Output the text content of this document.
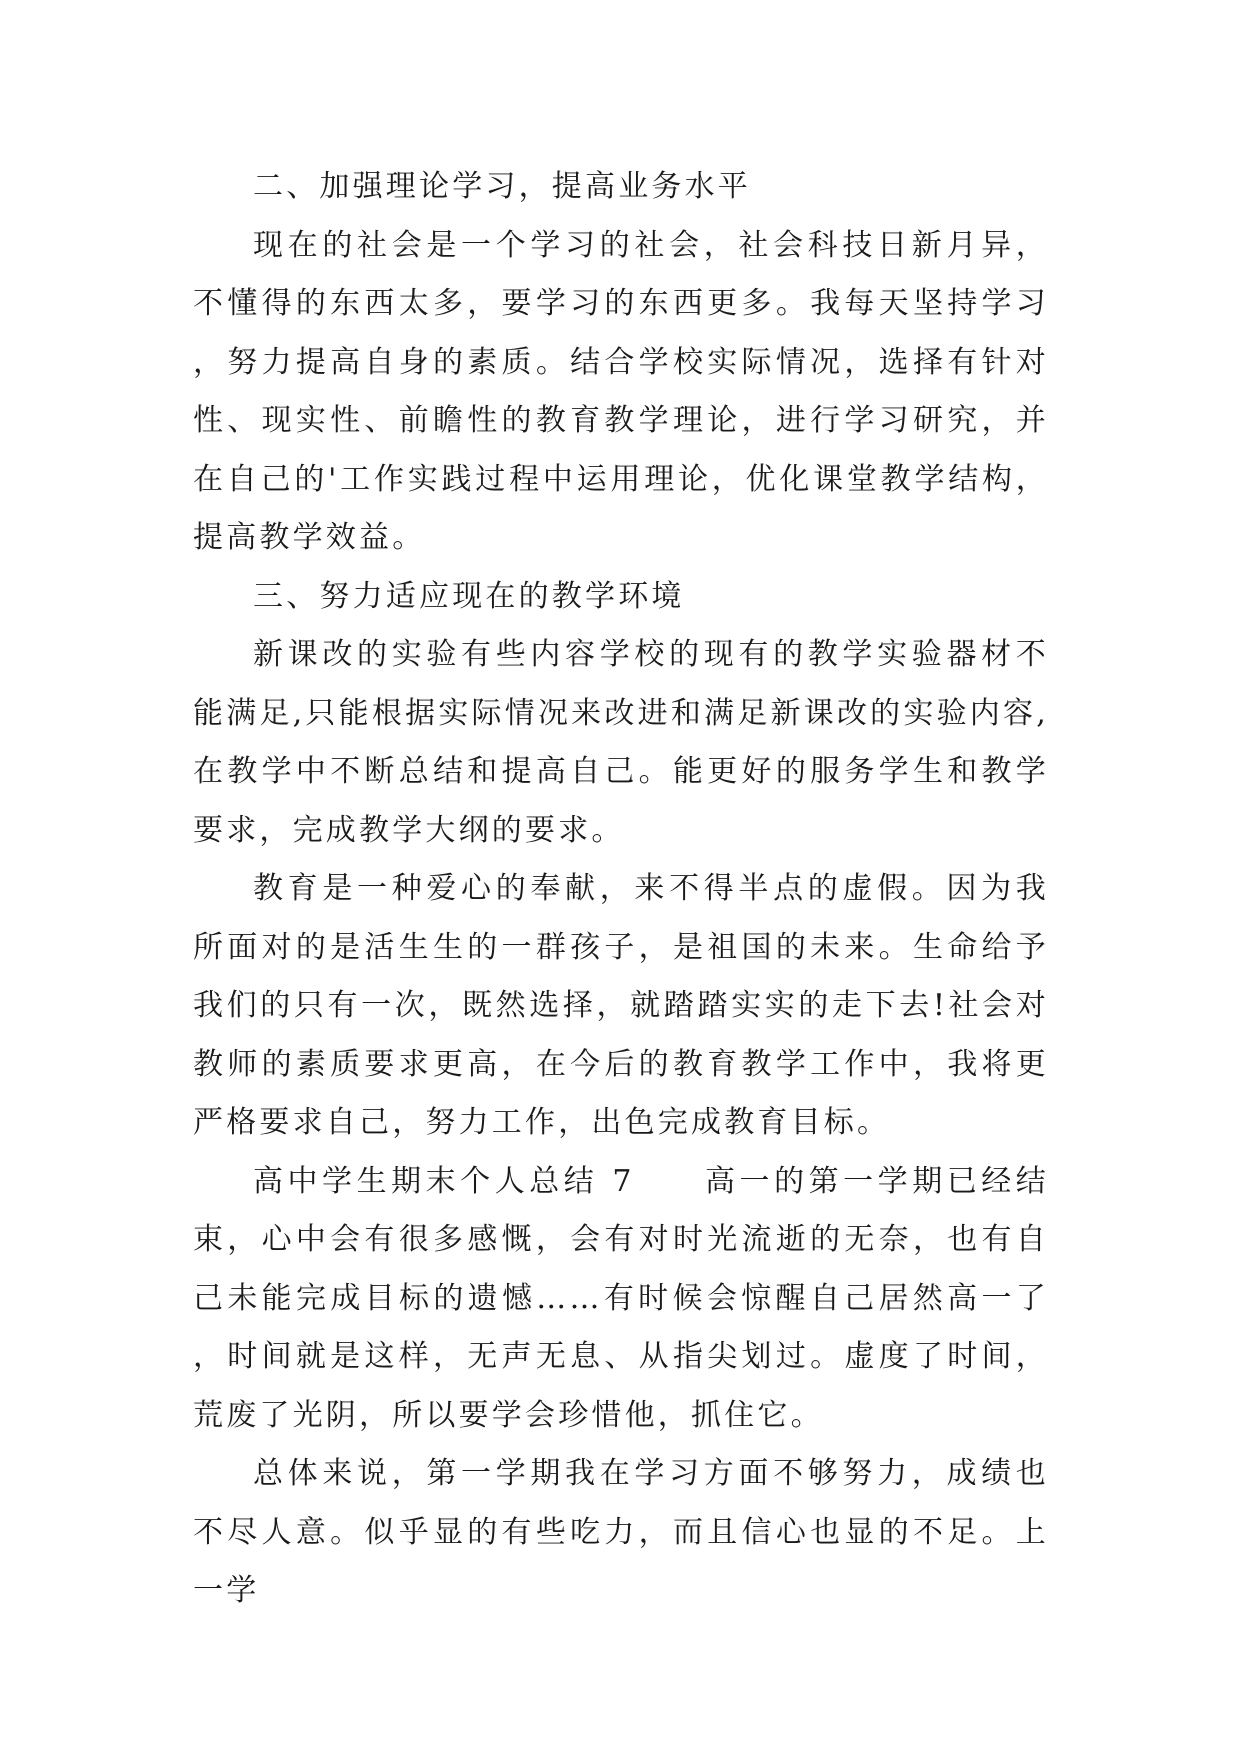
二、加强理论学习，提高业务水平

现在的社会是一个学习的社会，社会科技日新月异，不懂得的东西太多，要学习的东西更多。我每天坚持学习，努力提高自身的素质。结合学校实际情况，选择有针对性、现实性、前瞻性的教育教学理论，进行学习研究，并在自己的'工作实践过程中运用理论，优化课堂教学结构，提高教学效益。

三、努力适应现在的教学环境

新课改的实验有些内容学校的现有的教学实验器材不能满足,只能根据实际情况来改进和满足新课改的实验内容,在教学中不断总结和提高自己。能更好的服务学生和教学要求，完成教学大纲的要求。

教育是一种爱心的奉献，来不得半点的虚假。因为我所面对的是活生生的一群孩子，是祖国的未来。生命给予我们的只有一次，既然选择，就踏踏实实的走下去!社会对教师的素质要求更高，在今后的教育教学工作中，我将更严格要求自己，努力工作，出色完成教育目标。

高中学生期末个人总结 7　　高一的第一学期已经结束，心中会有很多感慨，会有对时光流逝的无奈，也有自己未能完成目标的遗憾……有时候会惊醒自己居然高一了，时间就是这样，无声无息、从指尖划过。虚度了时间，荒废了光阴，所以要学会珍惜他，抓住它。

总体来说，第一学期我在学习方面不够努力，成绩也不尽人意。似乎显的有些吃力，而且信心也显的不足。上一学
